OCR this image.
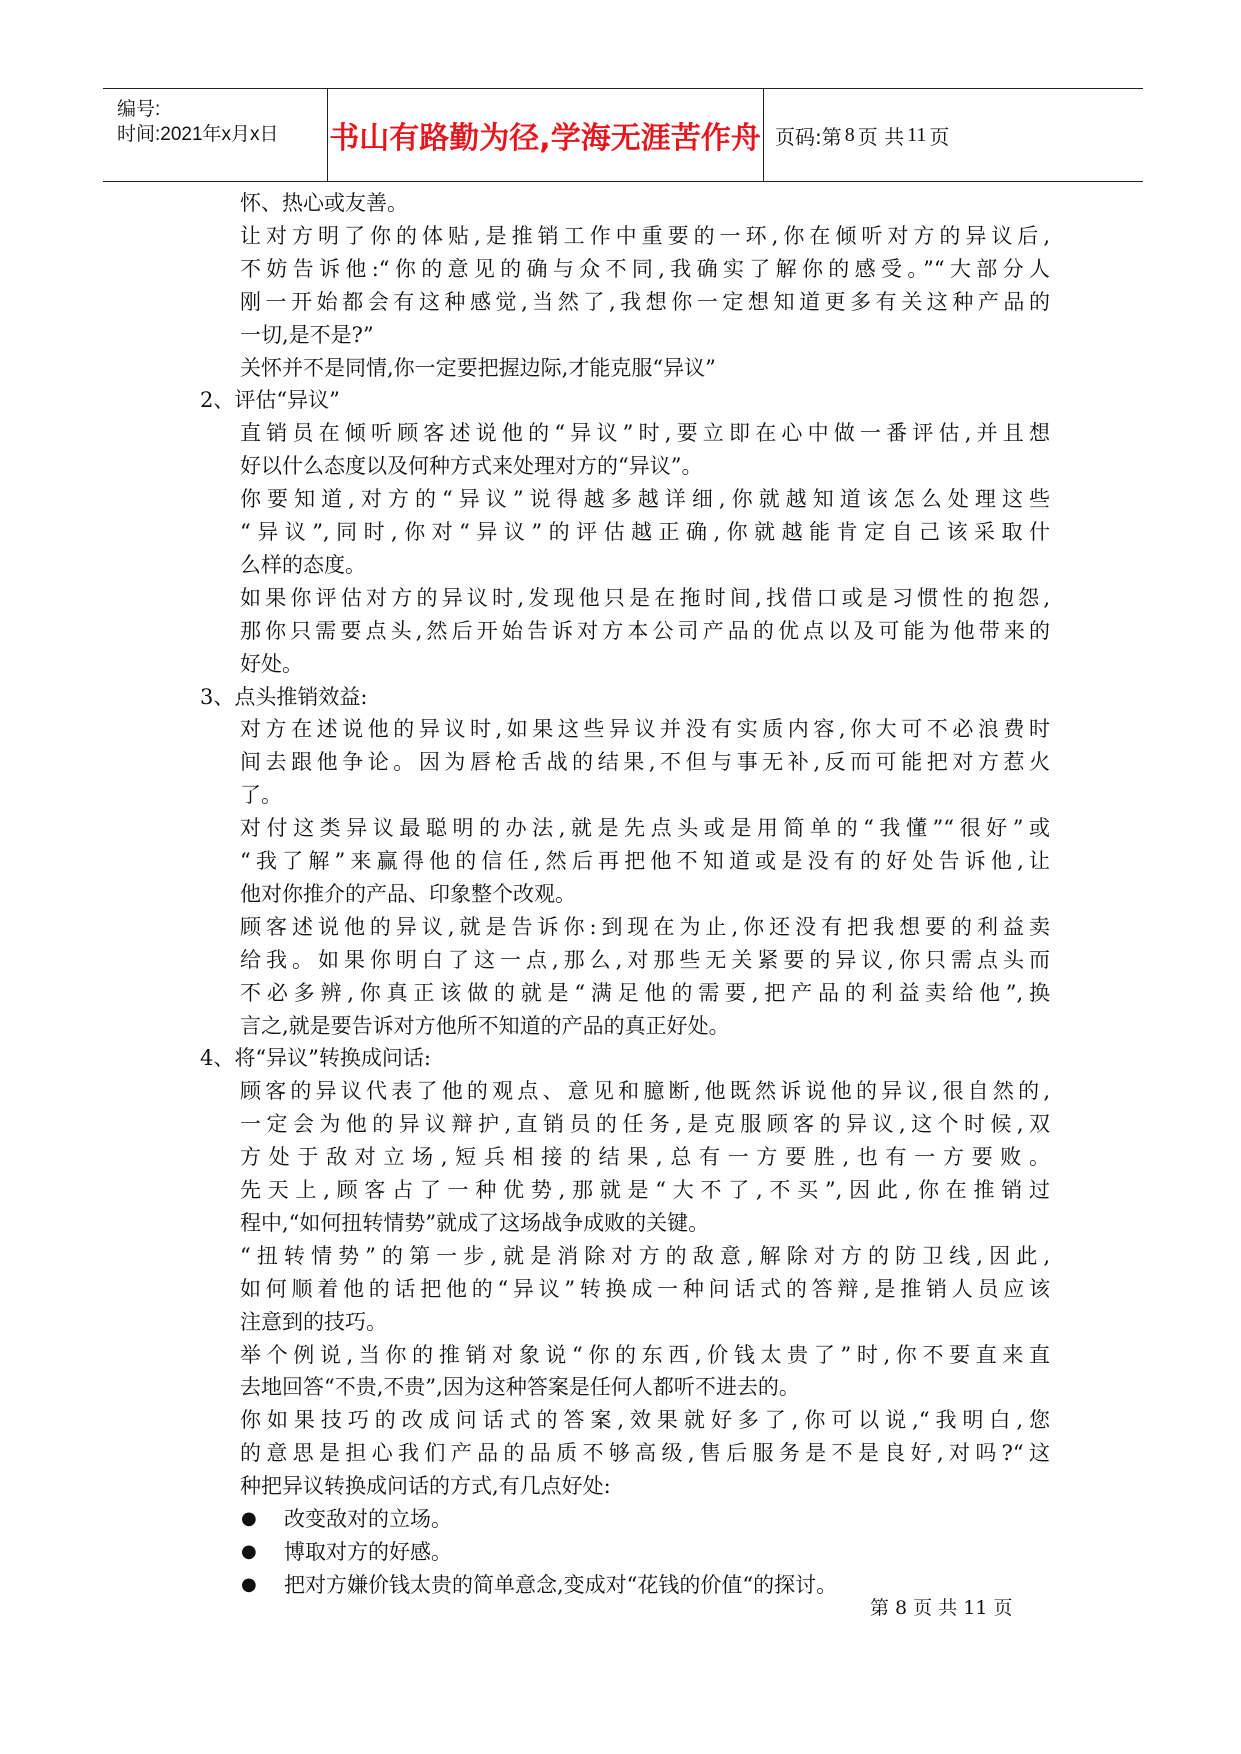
编号:
时间:2021年x月x日 书山有路勤为径,学海无涯苦作舟 页码:第 8 页 共 11 页
怀、热心或友善。
让对方明了你的体贴,是推销工作中重要的一环,你在倾听对方的异议后,
不妨告诉他:“你的意见的确与众不同,我确实了解你的感受。”“大部分人
刚一开始都会有这种感觉,当然了,我想你一定想知道更多有关这种产品的
一切,是不是?”
关怀并不是同情,你一定要把握边际,才能克服“异议”
2、评估“异议”
直销员在倾听顾客述说他的“异议”时,要立即在心中做一番评估,并且想
好以什么态度以及何种方式来处理对方的“异议”。
你要知道,对方的“异议”说得越多越详细,你就越知道该怎么处理这些
“异议”,同时,你对“异议”的评估越正确,你就越能肯定自己该采取什
么样的态度。
如果你评估对方的异议时,发现他只是在拖时间,找借口或是习惯性的抱怨,
那你只需要点头,然后开始告诉对方本公司产品的优点以及可能为他带来的
好处。
3、点头推销效益:
对方在述说他的异议时,如果这些异议并没有实质内容,你大可不必浪费时
间去跟他争论。因为唇枪舌战的结果,不但与事无补,反而可能把对方惹火
了。
对付这类异议最聪明的办法,就是先点头或是用简单的“我懂”“很好”或
“我了解”来赢得他的信任,然后再把他不知道或是没有的好处告诉他,让
他对你推介的产品、印象整个改观。
顾客述说他的异议,就是告诉你:到现在为止,你还没有把我想要的利益卖
给我。如果你明白了这一点,那么,对那些无关紧要的异议,你只需点头而
不必多辨,你真正该做的就是“满足他的需要,把产品的利益卖给他”,换
言之,就是要告诉对方他所不知道的产品的真正好处。
4、将“异议”转换成问话:
顾客的异议代表了他的观点、意见和臆断,他既然诉说他的异议,很自然的,
一定会为他的异议辩护,直销员的任务,是克服顾客的异议,这个时候,双
方处于敌对立场,短兵相接的结果,总有一方要胜,也有一方要败。
先天上,顾客占了一种优势,那就是“大不了,不买”,因此,你在推销过
程中,“如何扭转情势”就成了这场战争成败的关键。
“扭转情势”的第一步,就是消除对方的敌意,解除对方的防卫线,因此,
如何顺着他的话把他的“异议”转换成一种问话式的答辩,是推销人员应该
注意到的技巧。
举个例说,当你的推销对象说“你的东西,价钱太贵了”时,你不要直来直
去地回答“不贵,不贵”,因为这种答案是任何人都听不进去的。
你如果技巧的改成问话式的答案,效果就好多了,你可以说,“我明白,您
的意思是担心我们产品的品质不够高级,售后服务是不是良好,对吗?“这
种把异议转换成问话的方式,有几点好处:
● 改变敌对的立场。
● 博取对方的好感。
● 把对方嫌价钱太贵的简单意念,变成对“花钱的价值“的探讨。
第 8 页 共 11 页
